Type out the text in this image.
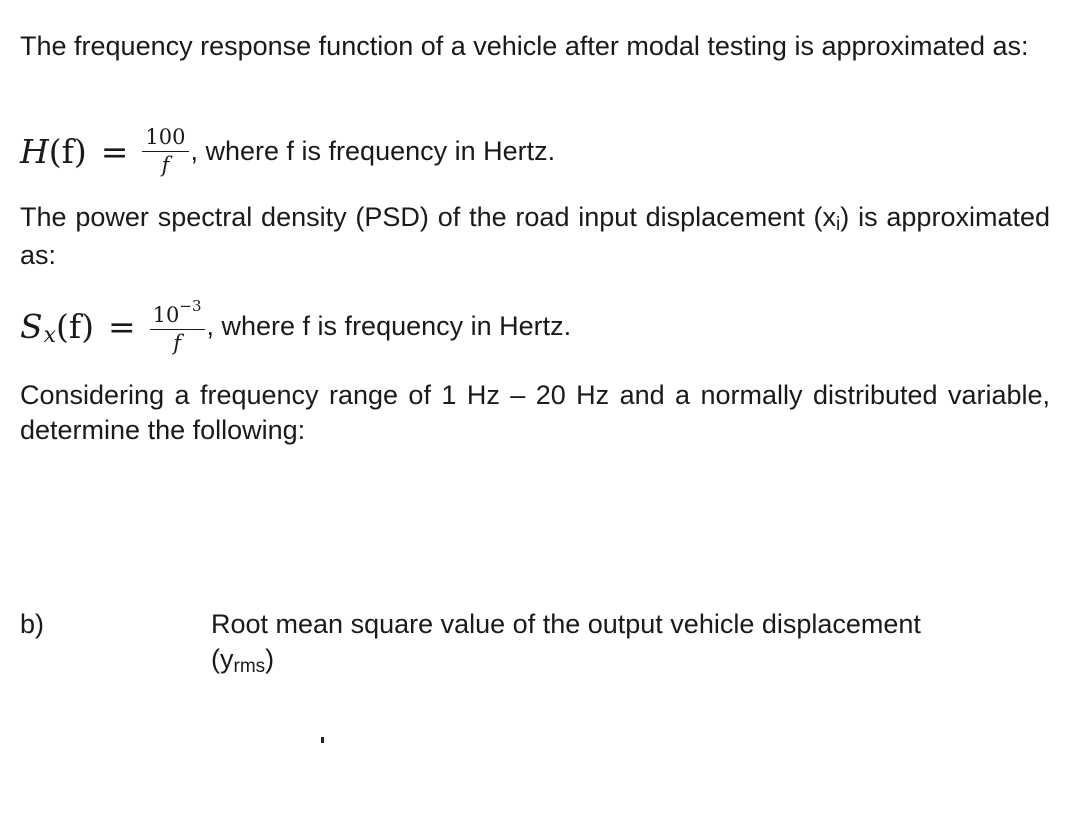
The frequency response function of a vehicle after modal testing is approximated as:
H $(f) = \frac{100}{f}$ , where f is frequency in Hertz.
The power spectral density (PSD) of the road input displacement (xi) is approximated as:
S x $(f) = \frac{10^{-3}}{f}$ , where f is frequency in Hertz.
Considering a frequency range of 1 Hz – 20 Hz and a normally distributed variable, determine the following:
b)	Root mean square value of the output vehicle displacement
(yrms)
